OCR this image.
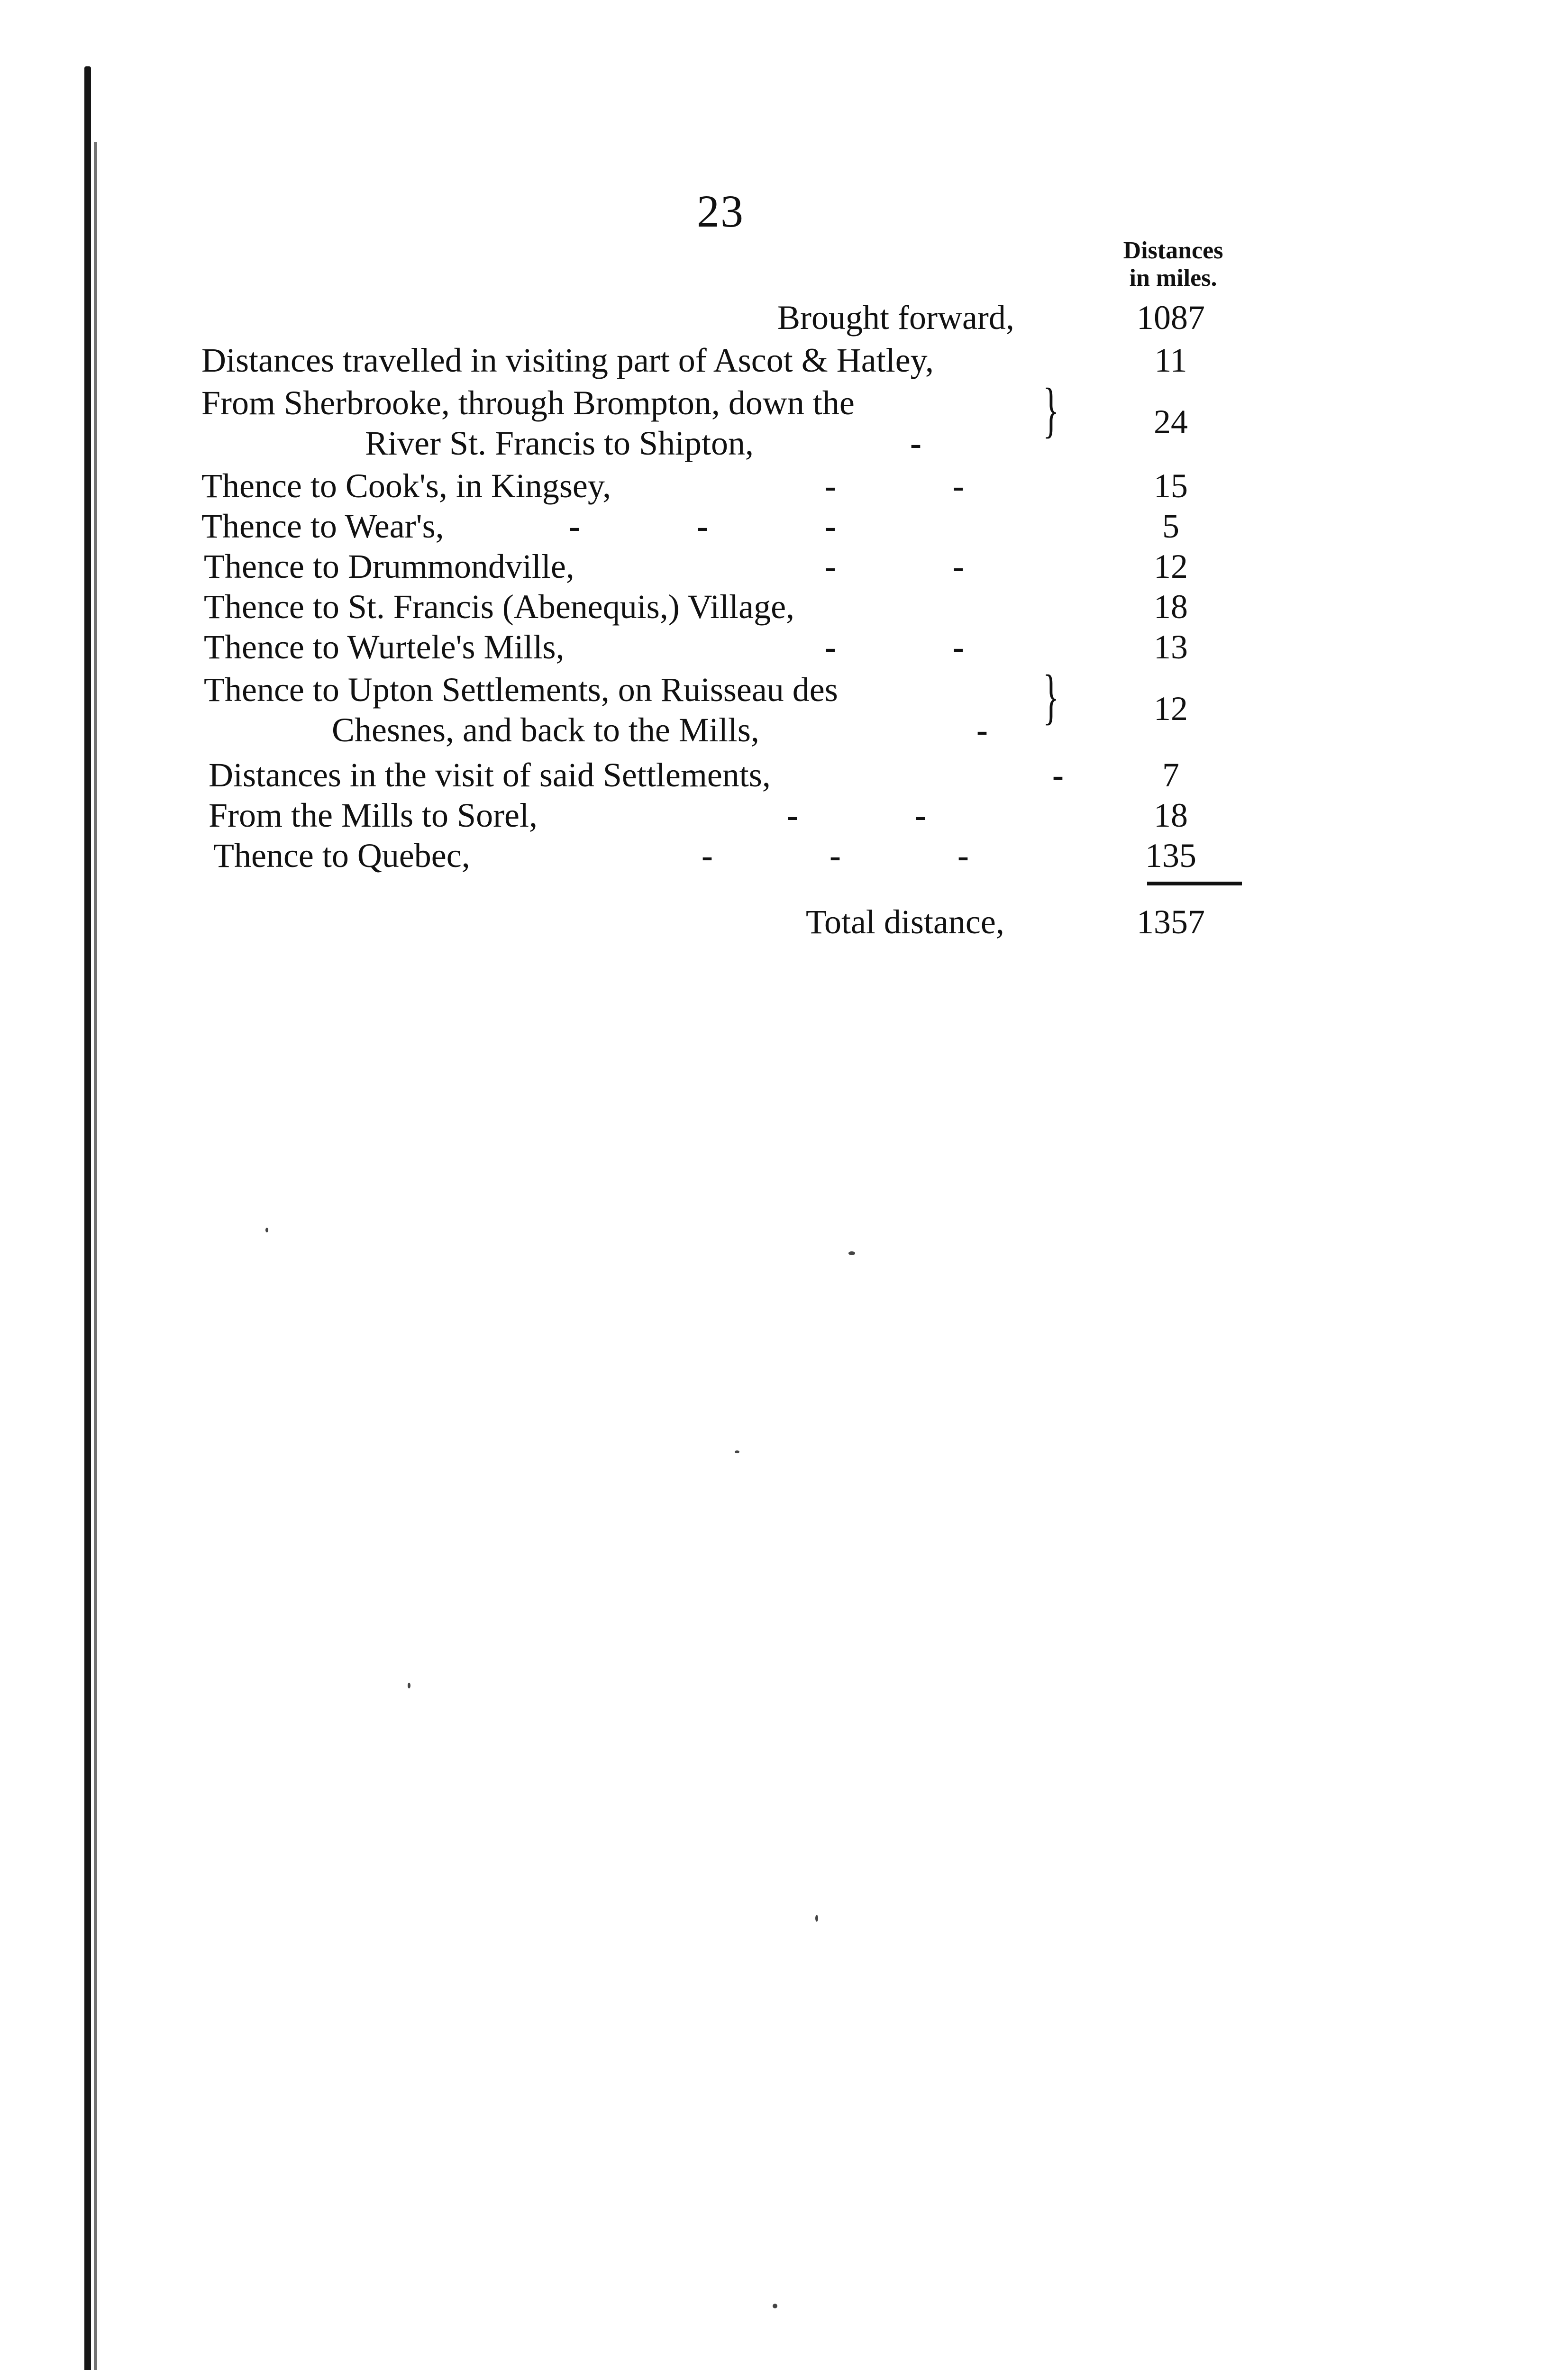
23
Distances
in miles.
Brought forward,	1087
Distances travelled in visiting part of Ascot & Hatley,	11
From Sherbrooke, through Brompton, down the
River St. Francis to Shipton,	- }	24
Thence to Cook's, in Kingsey,	-          -	15
Thence to Wear's,	-          -          -	5
Thence to Drummondville,	-          -	12
Thence to St. Francis (Abenequis,) Village,	18
Thence to Wurtele's Mills,	-          -	13
Thence to Upton Settlements, on Ruisseau des
Chesnes, and back to the Mills,	- }	12
Distances in the visit of said Settlements,	-	7
From the Mills to Sorel,	-          -	18
Thence to Quebec,	-          -          -	135
Total distance,	1357
